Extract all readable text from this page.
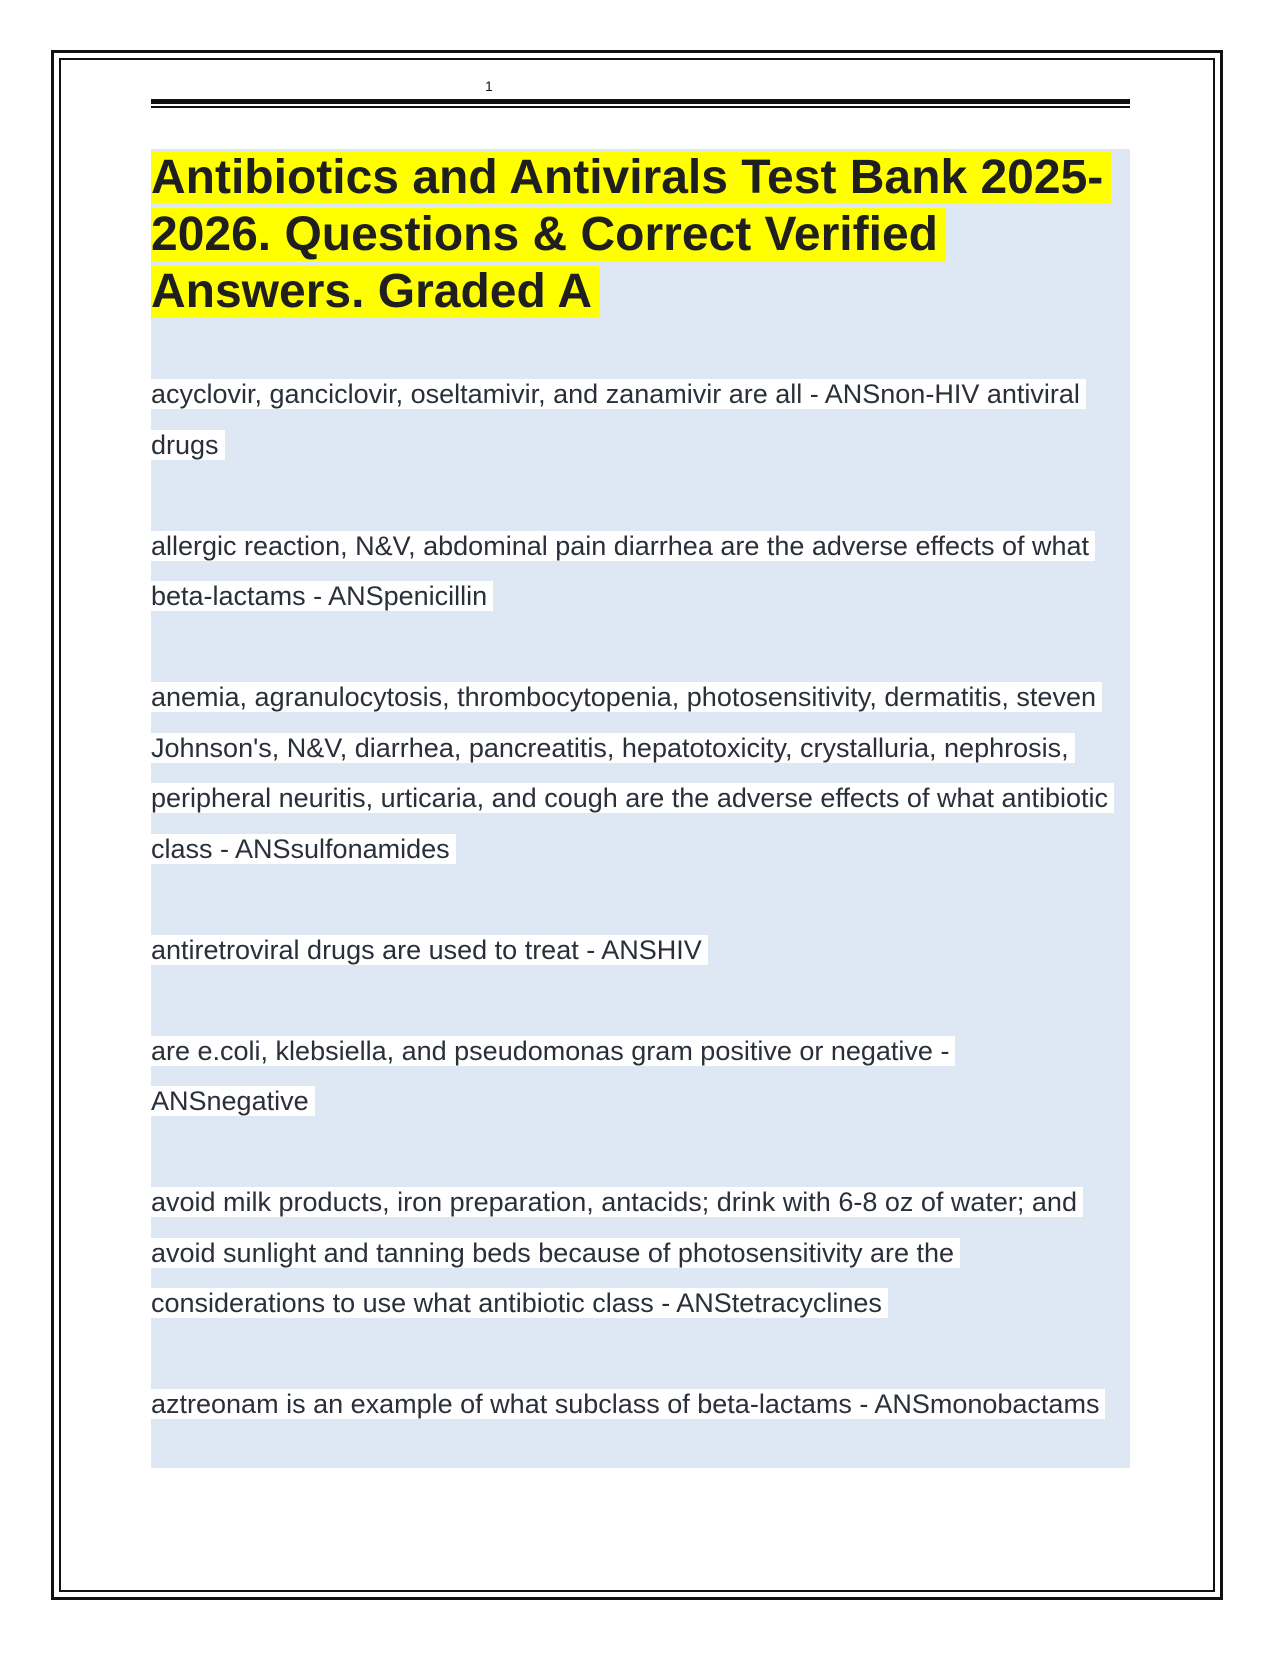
1
Antibiotics and Antivirals Test Bank 2025-2026. Questions & Correct Verified Answers. Graded A
acyclovir, ganciclovir, oseltamivir, and zanamivir are all - ANSnon-HIV antiviral drugs
allergic reaction, N&V, abdominal pain diarrhea are the adverse effects of what beta-lactams - ANSpenicillin
anemia, agranulocytosis, thrombocytopenia, photosensitivity, dermatitis, steven Johnson's, N&V, diarrhea, pancreatitis, hepatotoxicity, crystalluria, nephrosis, peripheral neuritis, urticaria, and cough are the adverse effects of what antibiotic class - ANSsulfonamides
antiretroviral drugs are used to treat - ANSHIV
are e.coli, klebsiella, and pseudomonas gram positive or negative - ANSnegative
avoid milk products, iron preparation, antacids; drink with 6-8 oz of water; and avoid sunlight and tanning beds because of photosensitivity are the considerations to use what antibiotic class - ANStetracyclines
aztreonam is an example of what subclass of beta-lactams - ANSmonobactams
